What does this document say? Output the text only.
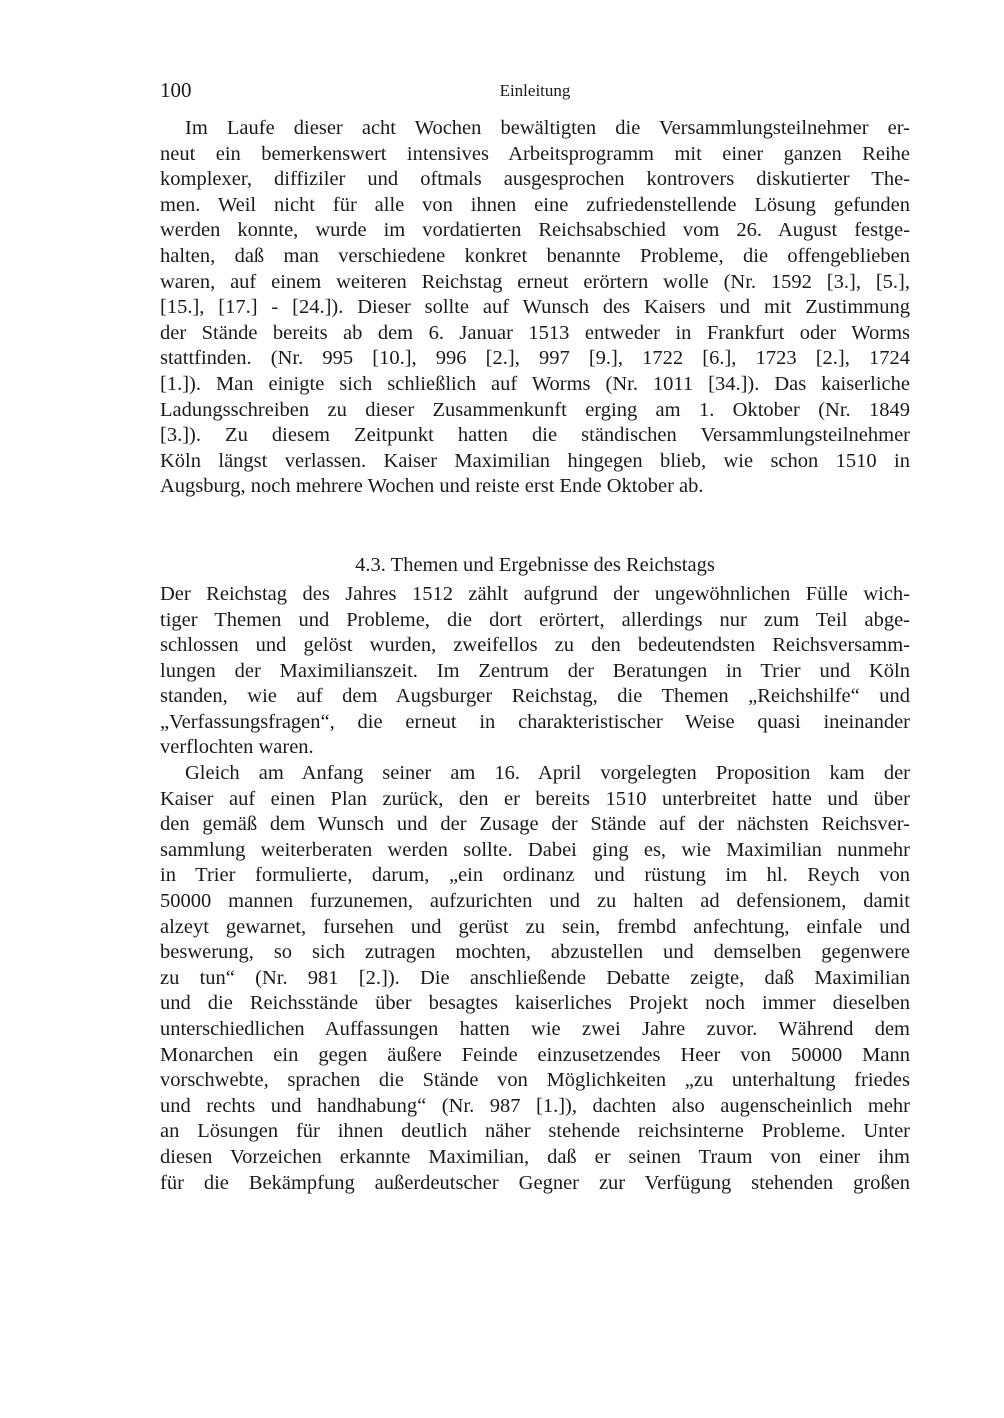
100	Einleitung
Im Laufe dieser acht Wochen bewältigten die Versammlungsteilnehmer er-
neut ein bemerkenswert intensives Arbeitsprogramm mit einer ganzen Reihe
komplexer, diffiziler und oftmals ausgesprochen kontrovers diskutierter The-
men. Weil nicht für alle von ihnen eine zufriedenstellende Lösung gefunden
werden konnte, wurde im vordatierten Reichsabschied vom 26. August festge-
halten, daß man verschiedene konkret benannte Probleme, die offengeblieben
waren, auf einem weiteren Reichstag erneut erörtern wolle (Nr. 1592 [3.], [5.],
[15.], [17.] - [24.]). Dieser sollte auf Wunsch des Kaisers und mit Zustimmung
der Stände bereits ab dem 6. Januar 1513 entweder in Frankfurt oder Worms
stattfinden. (Nr. 995 [10.], 996 [2.], 997 [9.], 1722 [6.], 1723 [2.], 1724
[1.]). Man einigte sich schließlich auf Worms (Nr. 1011 [34.]). Das kaiserliche
Ladungsschreiben zu dieser Zusammenkunft erging am 1. Oktober (Nr. 1849
[3.]). Zu diesem Zeitpunkt hatten die ständischen Versammlungsteilnehmer
Köln längst verlassen. Kaiser Maximilian hingegen blieb, wie schon 1510 in
Augsburg, noch mehrere Wochen und reiste erst Ende Oktober ab.
4.3. Themen und Ergebnisse des Reichstags
Der Reichstag des Jahres 1512 zählt aufgrund der ungewöhnlichen Fülle wich-
tiger Themen und Probleme, die dort erörtert, allerdings nur zum Teil abge-
schlossen und gelöst wurden, zweifellos zu den bedeutendsten Reichsversamm-
lungen der Maximilianszeit. Im Zentrum der Beratungen in Trier und Köln
standen, wie auf dem Augsburger Reichstag, die Themen „Reichshilfe“ und
„Verfassungsfragen“, die erneut in charakteristischer Weise quasi ineinander
verflochten waren.
Gleich am Anfang seiner am 16. April vorgelegten Proposition kam der
Kaiser auf einen Plan zurück, den er bereits 1510 unterbreitet hatte und über
den gemäß dem Wunsch und der Zusage der Stände auf der nächsten Reichsver-
sammlung weiterberaten werden sollte. Dabei ging es, wie Maximilian nunmehr
in Trier formulierte, darum, „ein ordinanz und rüstung im hl. Reych von
50000 mannen furzunemen, aufzurichten und zu halten ad defensionem, damit
alzeyt gewarnet, fursehen und gerüst zu sein, frembd anfechtung, einfale und
beswerung, so sich zutragen mochten, abzustellen und demselben gegenwere
zu tun“ (Nr. 981 [2.]). Die anschließende Debatte zeigte, daß Maximilian
und die Reichsstände über besagtes kaiserliches Projekt noch immer dieselben
unterschiedlichen Auffassungen hatten wie zwei Jahre zuvor. Während dem
Monarchen ein gegen äußere Feinde einzusetzendes Heer von 50000 Mann
vorschwebte, sprachen die Stände von Möglichkeiten „zu unterhaltung friedes
und rechts und handhabung“ (Nr. 987 [1.]), dachten also augenscheinlich mehr
an Lösungen für ihnen deutlich näher stehende reichsinterne Probleme. Unter
diesen Vorzeichen erkannte Maximilian, daß er seinen Traum von einer ihm
für die Bekämpfung außerdeutscher Gegner zur Verfügung stehenden großen
